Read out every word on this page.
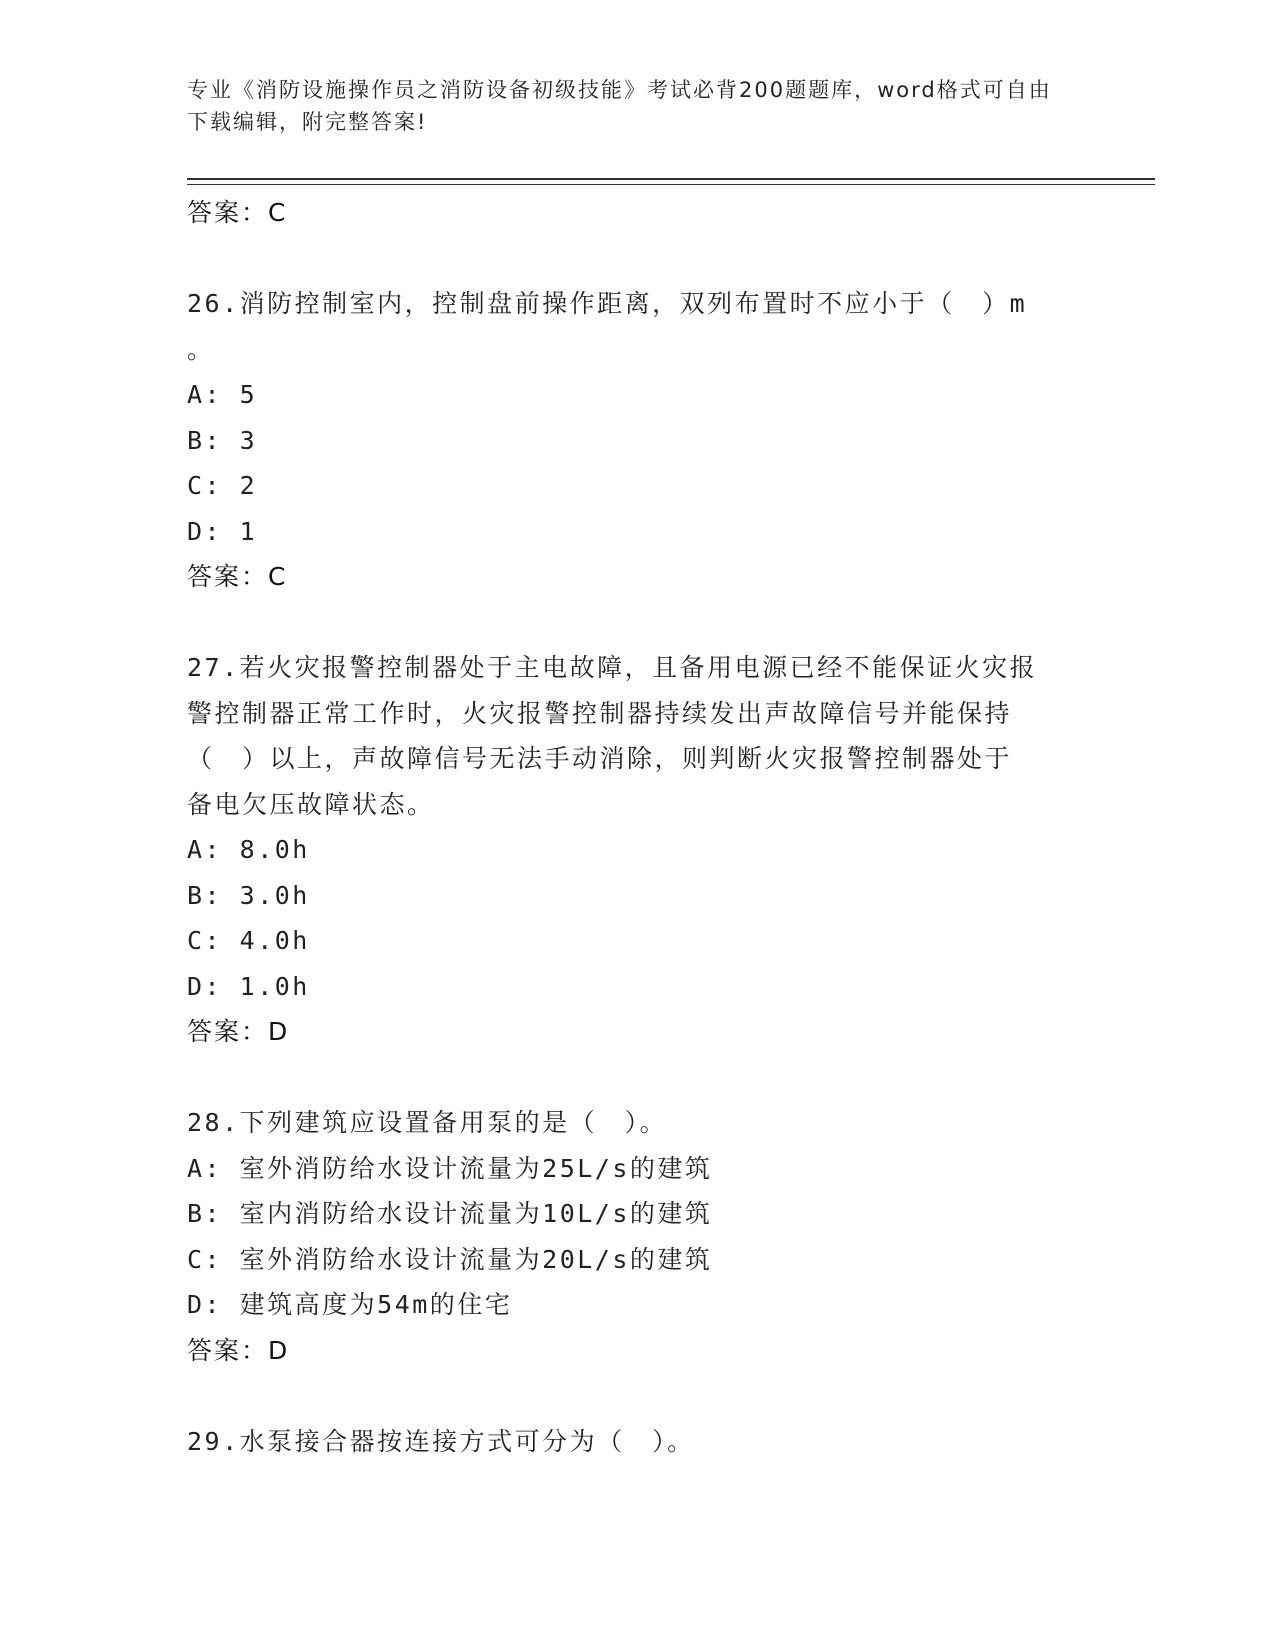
专业《消防设施操作员之消防设备初级技能》考试必背200题题库，word格式可自由下载编辑，附完整答案!
答案：C
26.消防控制室内，控制盘前操作距离，双列布置时不应小于（　）m
。
A: 5
B: 3
C: 2
D: 1
答案：C
27.若火灾报警控制器处于主电故障，且备用电源已经不能保证火灾报
警控制器正常工作时，火灾报警控制器持续发出声故障信号并能保持
（　）以上，声故障信号无法手动消除，则判断火灾报警控制器处于
备电欠压故障状态。
A: 8.0h
B: 3.0h
C: 4.0h
D: 1.0h
答案：D
28.下列建筑应设置备用泵的是（　）。
A: 室外消防给水设计流量为25L/s的建筑
B: 室内消防给水设计流量为10L/s的建筑
C: 室外消防给水设计流量为20L/s的建筑
D: 建筑高度为54m的住宅
答案：D
29.水泵接合器按连接方式可分为（　）。
